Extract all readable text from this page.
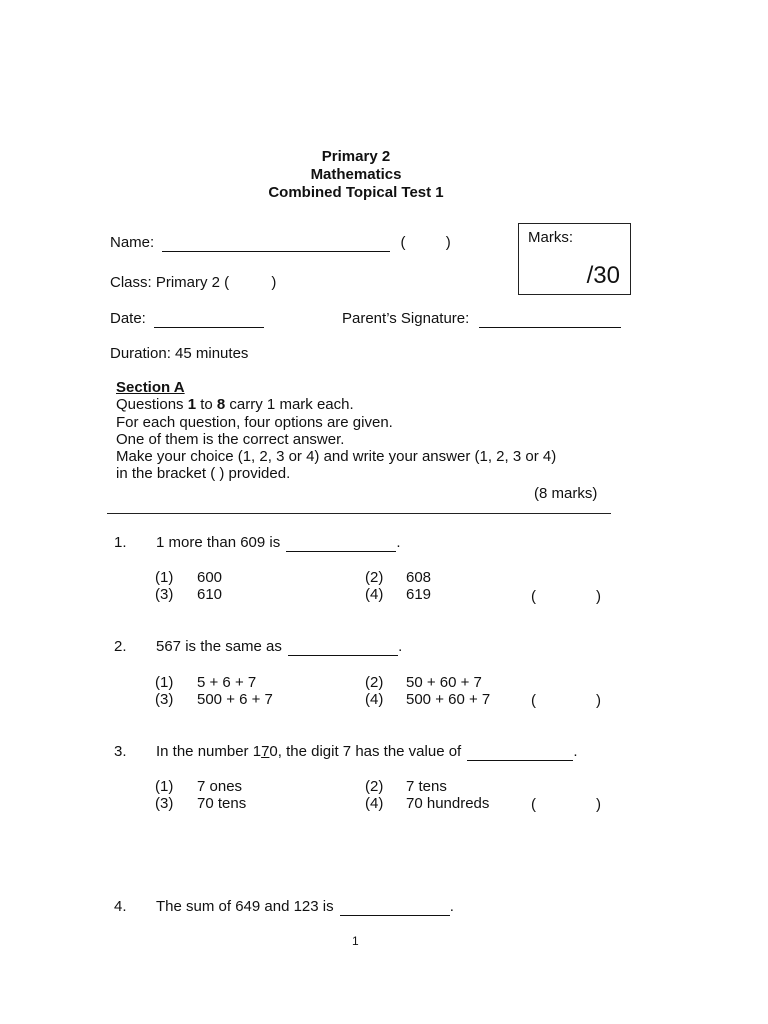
Primary 2
Mathematics
Combined Topical Test 1
Name:	(	)	Marks:
/30
Class: Primary 2 (	)
Date:	Parent’s Signature:
Duration: 45 minutes
Section A
Questions 1 to 8 carry 1 mark each.
For each question, four options are given.
One of them is the correct answer.
Make your choice (1, 2, 3 or 4) and write your answer (1, 2, 3 or 4)
in the bracket ( ) provided.
(8 marks)
1. 1 more than 609 is	.
(1) 600	(2) 608
(3) 610	(4) 619	(	)
2. 567 is the same as	.
(1) 5 + 6 + 7	(2) 50 + 60 + 7
(3) 500 + 6 + 7	(4) 500 + 60 + 7	(	)
3. In the number 170, the digit 7 has the value of	.
(1) 7 ones	(2) 7 tens
(3) 70 tens	(4) 70 hundreds	(	)
4. The sum of 649 and 123 is	.
1
